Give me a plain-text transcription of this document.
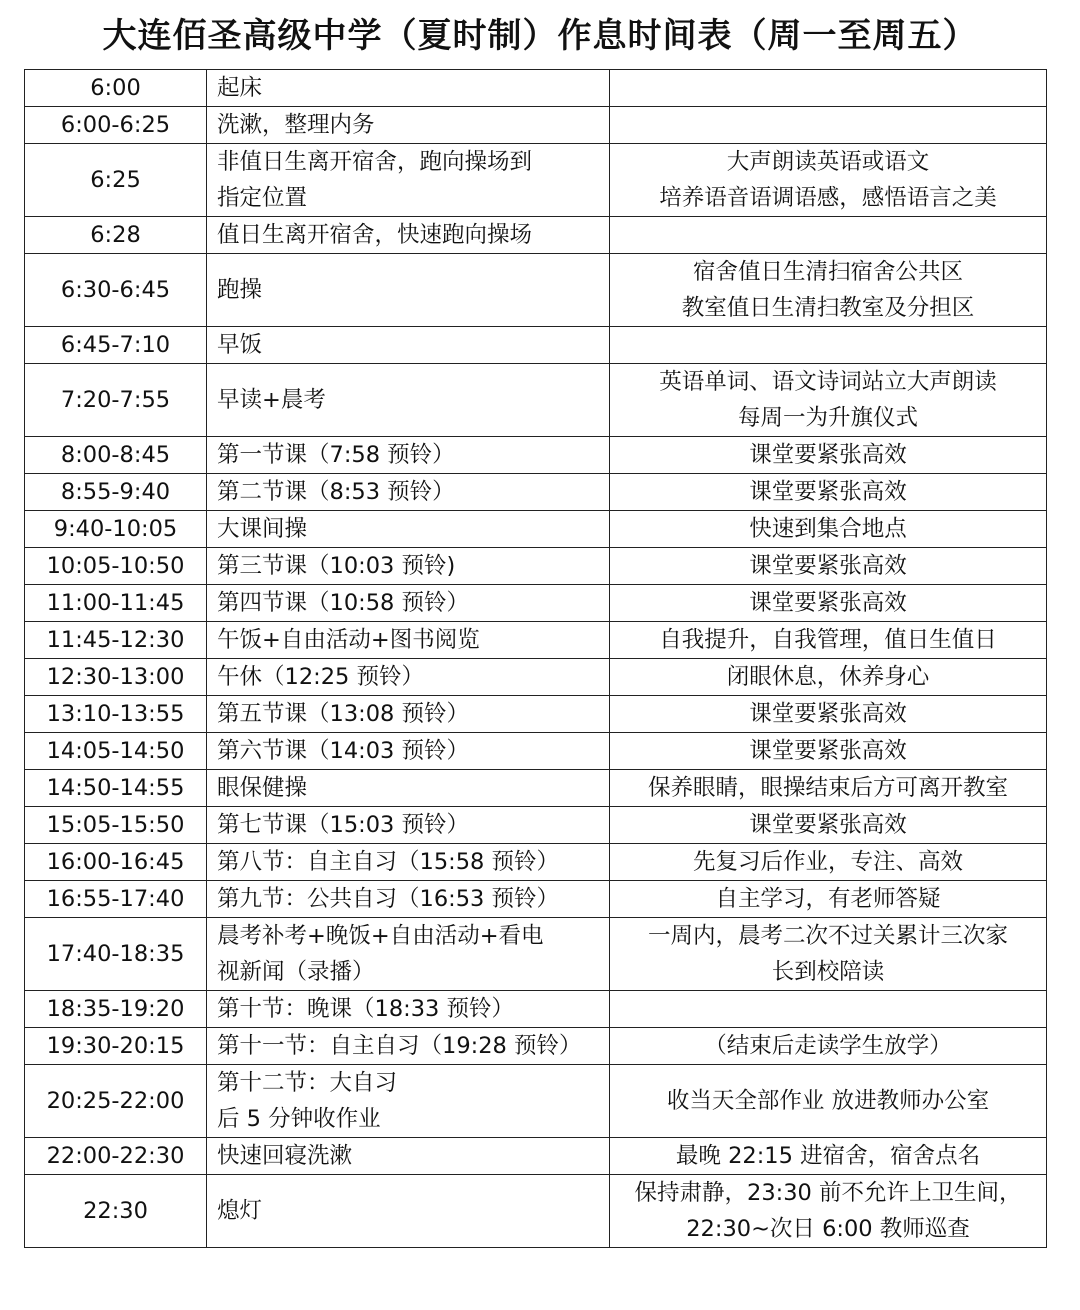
大连佰圣高级中学（夏时制）作息时间表（周一至周五）
6:00	起床	

6:00-6:25	洗漱，整理内务	

6:25	非值日生离开宿舍，跑向操场到
指定位置	大声朗读英语或语文
培养语音语调语感，感悟语言之美

6:28	值日生离开宿舍，快速跑向操场	

6:30-6:45	跑操	宿舍值日生清扫宿舍公共区
教室值日生清扫教室及分担区

6:45-7:10	早饭	

7:20-7:55	早读+晨考	英语单词、语文诗词站立大声朗读
每周一为升旗仪式

8:00-8:45	第一节课（7:58 预铃）	课堂要紧张高效

8:55-9:40	第二节课（8:53 预铃）	课堂要紧张高效

9:40-10:05	大课间操	快速到集合地点

10:05-10:50	第三节课（10:03 预铃)	课堂要紧张高效

11:00-11:45	第四节课（10:58 预铃）	课堂要紧张高效

11:45-12:30	午饭+自由活动+图书阅览	自我提升，自我管理，值日生值日

12:30-13:00	午休（12:25 预铃）	闭眼休息，休养身心

13:10-13:55	第五节课（13:08 预铃）	课堂要紧张高效

14:05-14:50	第六节课（14:03 预铃）	课堂要紧张高效

14:50-14:55	眼保健操	保养眼睛，眼操结束后方可离开教室

15:05-15:50	第七节课（15:03 预铃）	课堂要紧张高效

16:00-16:45	第八节：自主自习（15:58 预铃）	先复习后作业，专注、高效

16:55-17:40	第九节：公共自习（16:53 预铃）	自主学习，有老师答疑

17:40-18:35	晨考补考+晚饭+自由活动+看电
视新闻（录播）	一周内，晨考二次不过关累计三次家
长到校陪读

18:35-19:20	第十节：晚课（18:33 预铃）	

19:30-20:15	第十一节：自主自习（19:28 预铃）	（结束后走读学生放学）

20:25-22:00	第十二节：大自习
后 5 分钟收作业	收当天全部作业 放进教师办公室

22:00-22:30	快速回寝洗漱	最晚 22:15 进宿舍，宿舍点名

22:30	熄灯	保持肃静，23:30 前不允许上卫生间，
22:30~次日 6:00 教师巡查
